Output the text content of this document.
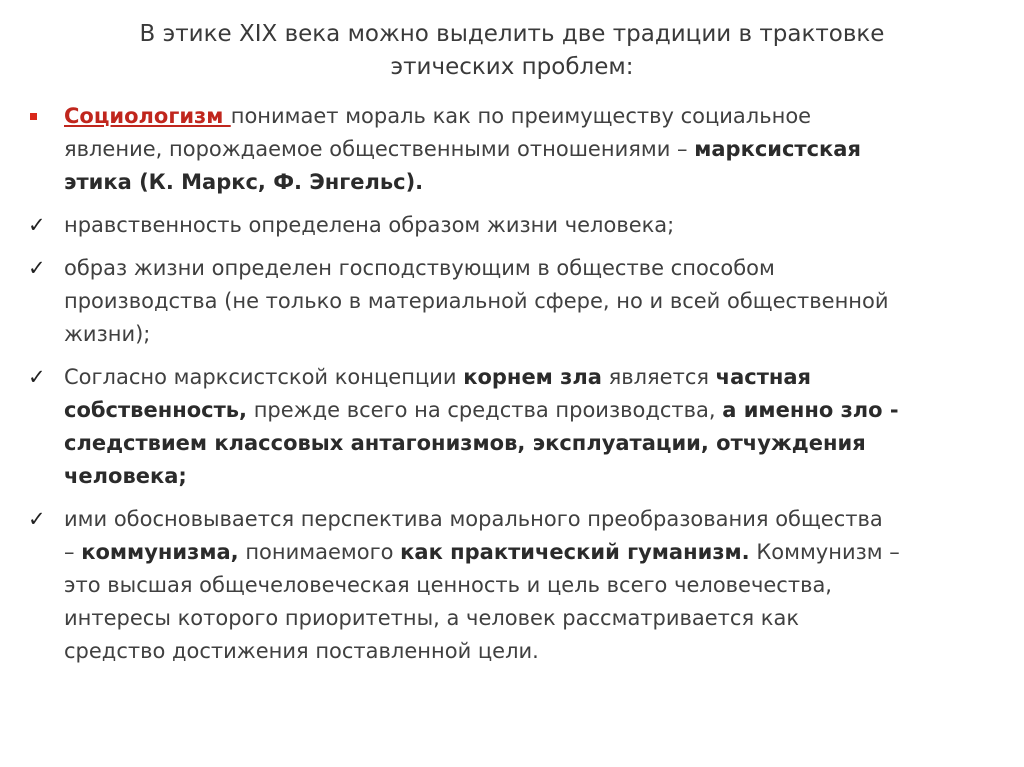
В этике XIX века можно выделить две традиции в трактовке
этических проблем:
Социологизм понимает мораль как по преимуществу социальное
явление, порождаемое общественными отношениями – марксистская
этика (К. Маркс, Ф. Энгельс).
✓ нравственность определена образом жизни человека;
✓ образ жизни определен господствующим в обществе способом
производства (не только в материальной сфере, но и всей общественной
жизни);
✓ Согласно марксистской концепции корнем зла является частная
собственность, прежде всего на средства производства, а именно зло -
следствием классовых антагонизмов, эксплуатации, отчуждения
человека;
✓ ими обосновывается перспектива морального преобразования общества
– коммунизма, понимаемого как практический гуманизм. Коммунизм –
это высшая общечеловеческая ценность и цель всего человечества,
интересы которого приоритетны, а человек рассматривается как
средство достижения поставленной цели.
